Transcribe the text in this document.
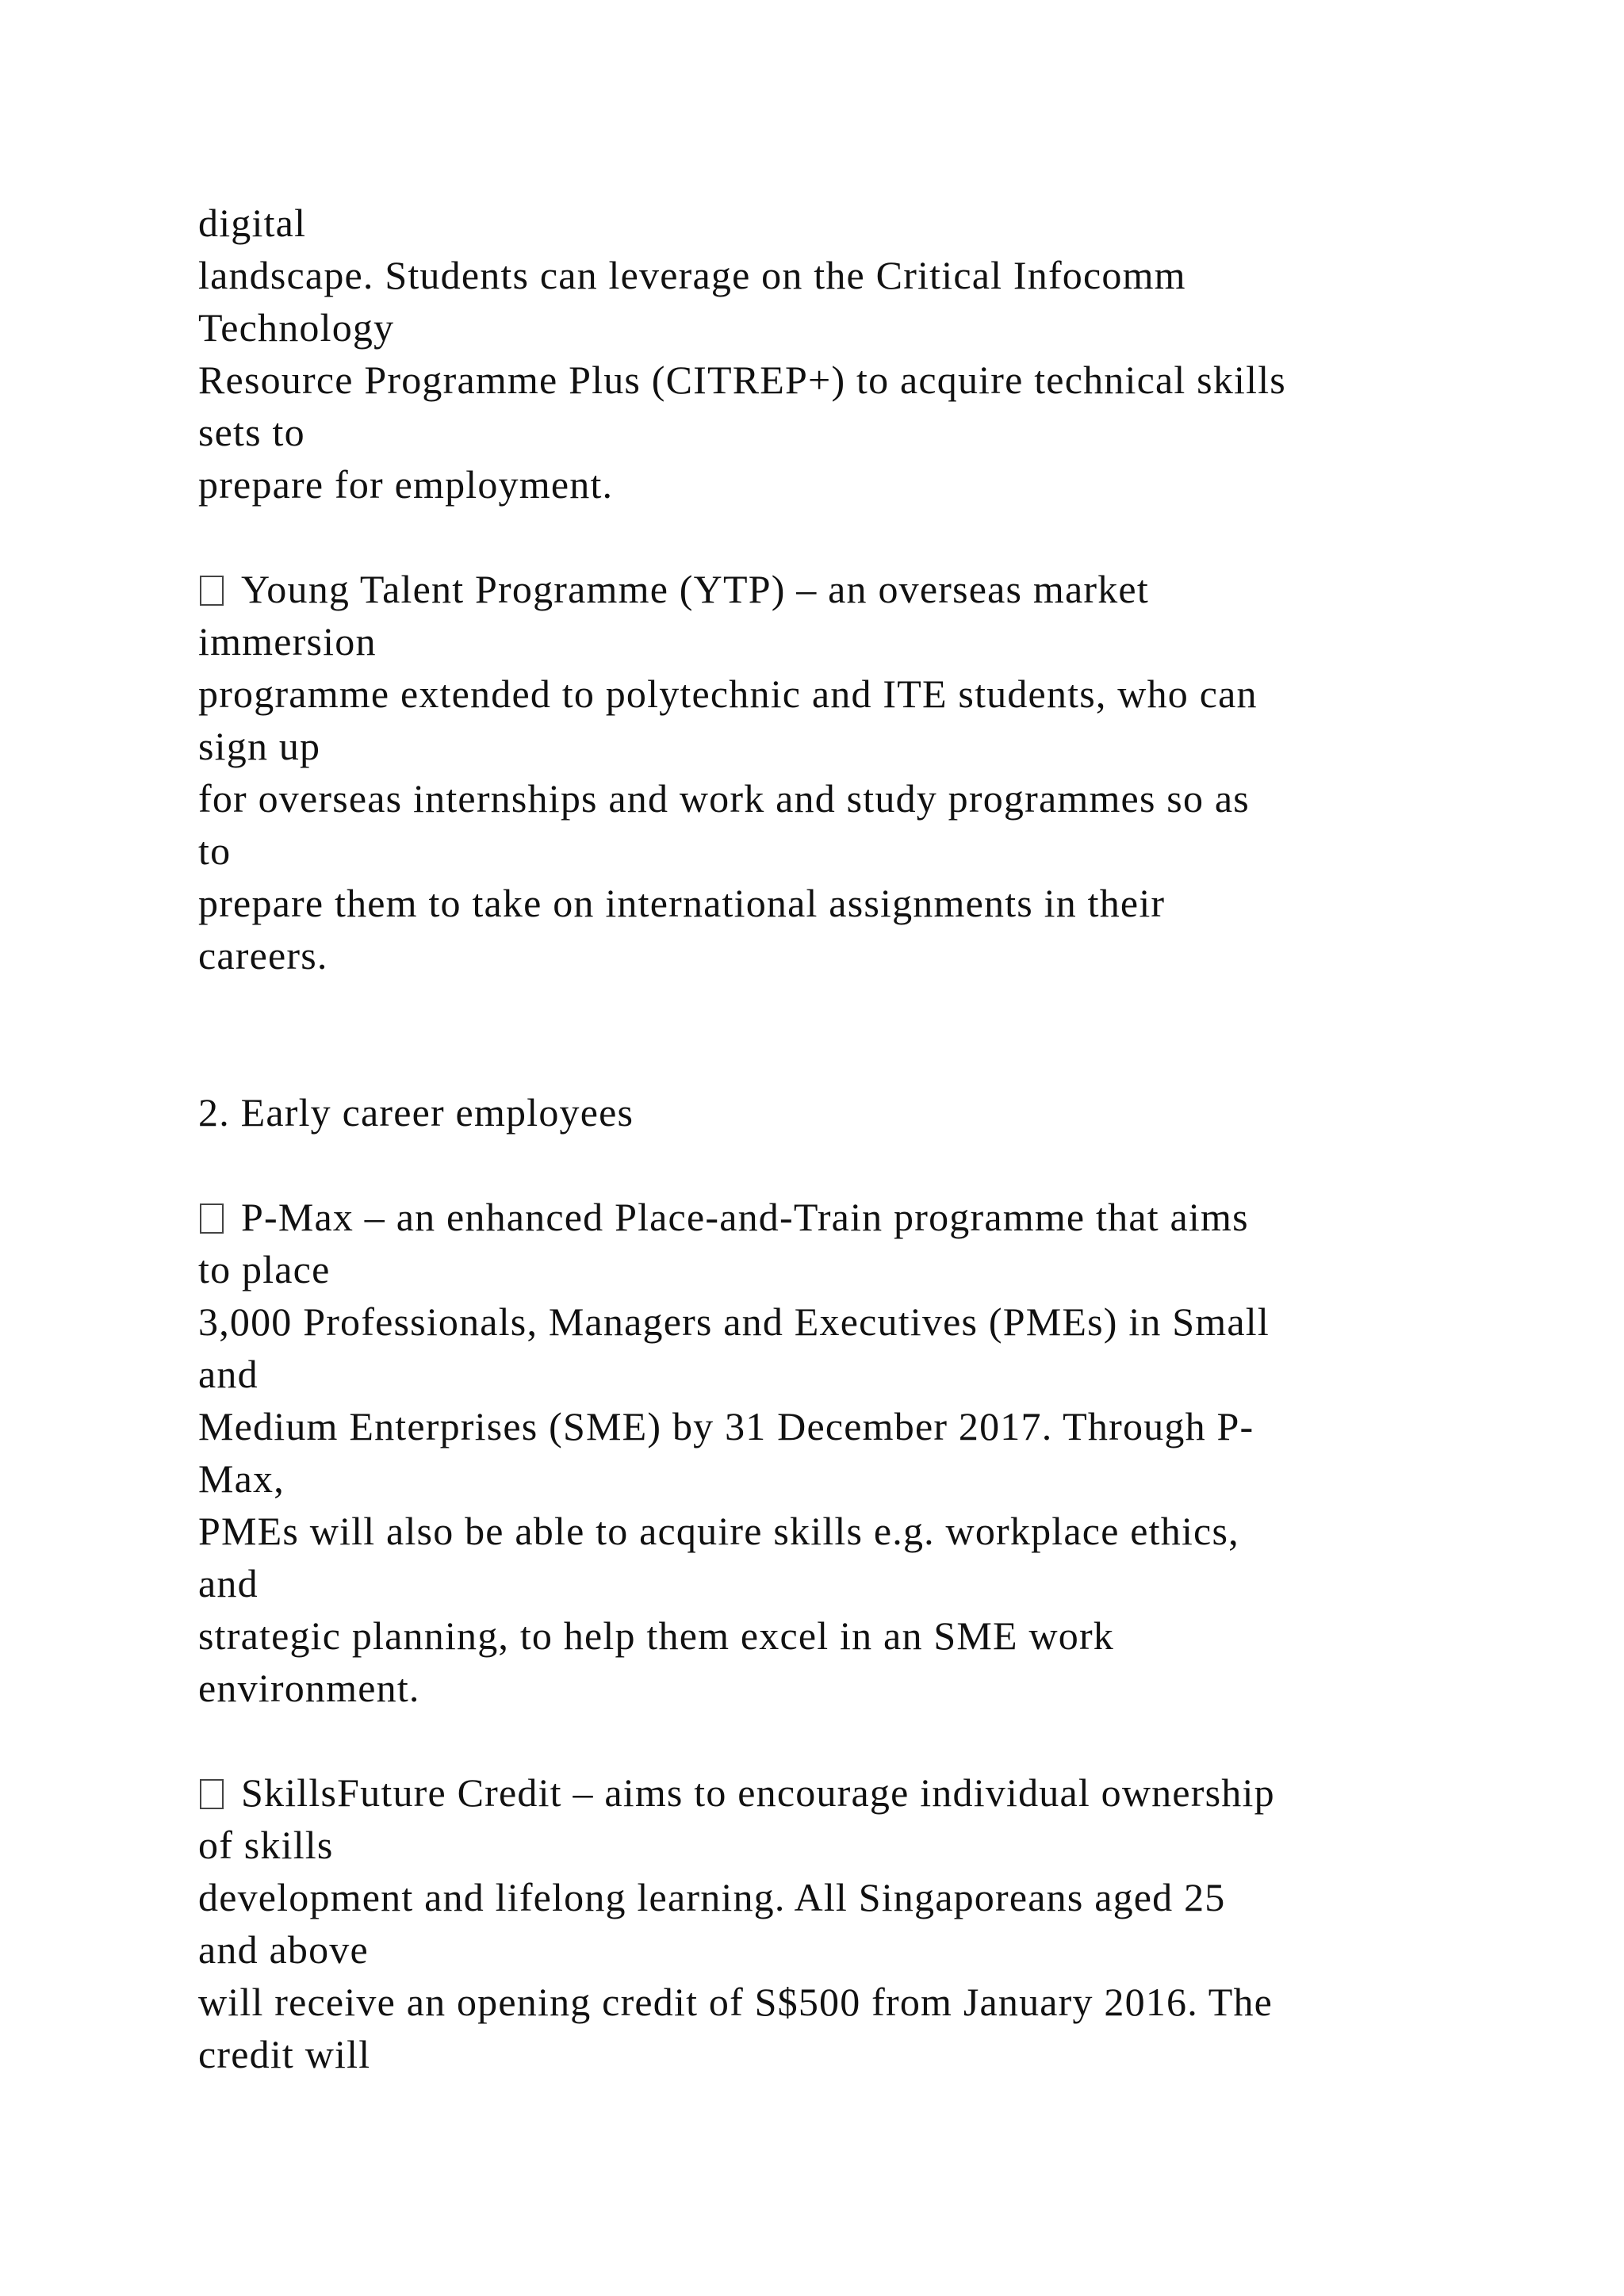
digital
landscape. Students can leverage on the Critical Infocomm
Technology
Resource Programme Plus (CITREP+) to acquire technical skills
sets to
prepare for employment.
Young Talent Programme (YTP) – an overseas market
immersion
programme extended to polytechnic and ITE students, who can
sign up
for overseas internships and work and study programmes so as
to
prepare them to take on international assignments in their
careers.
2. Early career employees
P-Max – an enhanced Place-and-Train programme that aims
to place
3,000 Professionals, Managers and Executives (PMEs) in Small
and
Medium Enterprises (SME) by 31 December 2017. Through P-
Max,
PMEs will also be able to acquire skills e.g. workplace ethics,
and
strategic planning, to help them excel in an SME work
environment.
SkillsFuture Credit – aims to encourage individual ownership
of skills
development and lifelong learning. All Singaporeans aged 25
and above
will receive an opening credit of S$500 from January 2016. The
credit will
